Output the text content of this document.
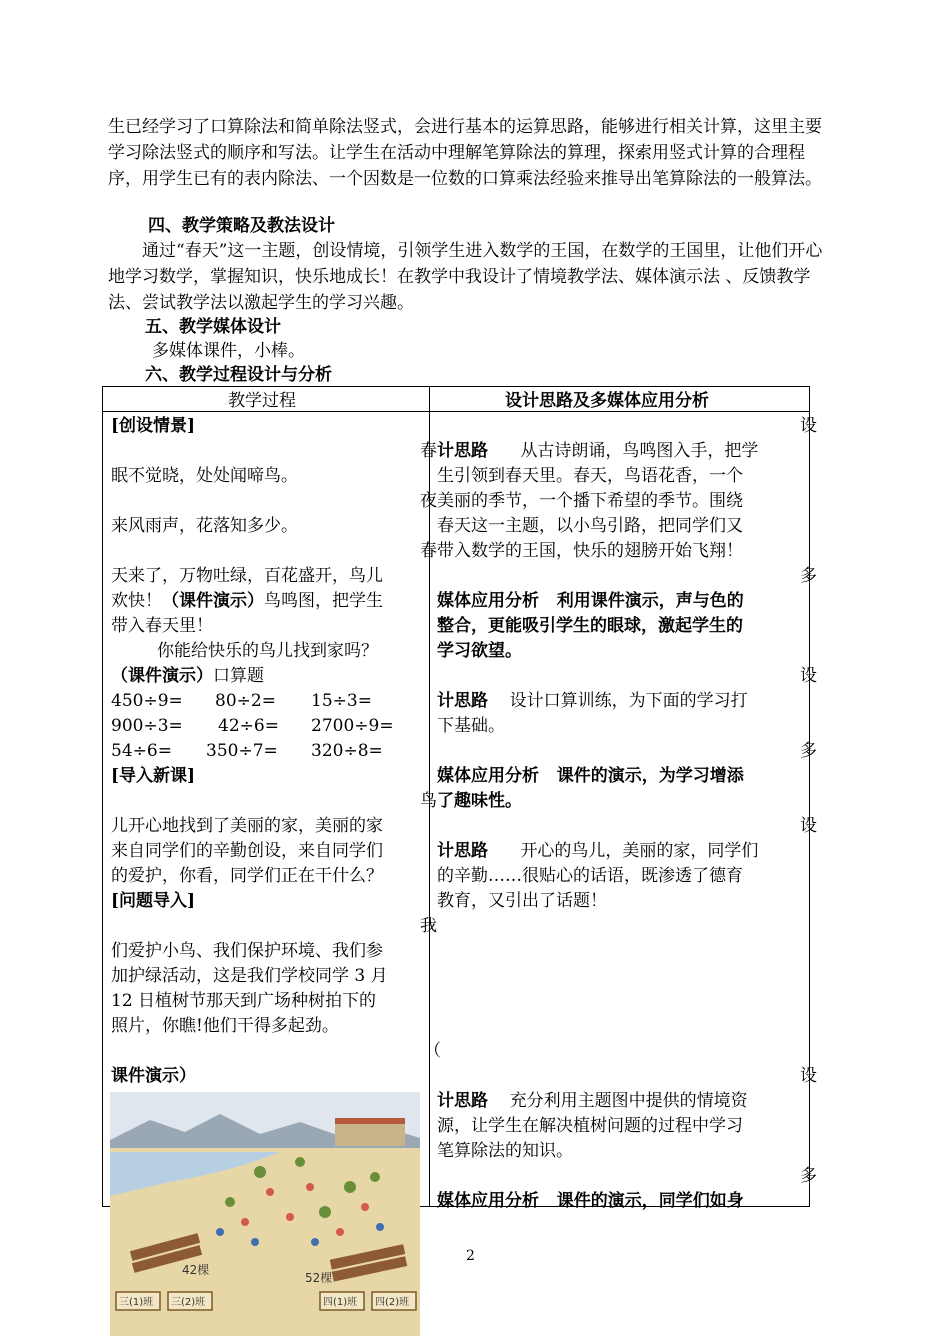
生已经学习了口算除法和简单除法竖式，会进行基本的运算思路，能够进行相关计算，这里主要学习除法竖式的顺序和写法。让学生在活动中理解笔算除法的算理，探索用竖式计算的合理程序，用学生已有的表内除法、一个因数是一位数的口算乘法经验来推导出笔算除法的一般算法。

四、教学策略及教法设计

通过“春天”这一主题，创设情境，引领学生进入数学的王国，在数学的王国里，让他们开心地学习数学，掌握知识，快乐地成长！在教学中我设计了情境教学法、媒体演示法 、反馈教学法、尝试教学法以激起学生的学习兴趣。

五、教学媒体设计

多媒体课件，小棒。

六、教学过程设计与分析

教学过程	设计思路及多媒体应用分析
[创设情景]
眠不觉晓，处处闻啼鸟。
来风雨声，花落知多少。
天来了，万物吐绿，百花盛开，鸟儿
欢快！（课件演示）鸟鸣图，把学生
带入春天里！
你能给快乐的鸟儿找到家吗？
（课件演示）口算题
450÷9= 80÷2= 15÷3=
900÷3= 42÷6= 2700÷9=
54÷6= 350÷7= 320÷8=
[导入新课]
儿开心地找到了美丽的家，美丽的家
来自同学们的辛勤创设，来自同学们
的爱护，你看，同学们正在干什么？
[问题导入]
们爱护小鸟、我们保护环境、我们参
加护绿活动，这是我们学校同学 3 月
12 日植树节那天到广场种树拍下的
照片，你瞧!他们干得多起劲。
课件演示）
春
夜
春
鸟
我
（
设
计思路 从古诗朗诵，鸟鸣图入手，把学
生引领到春天里。春天，鸟语花香，一个
美丽的季节，一个播下希望的季节。围绕
春天这一主题，以小鸟引路，把同学们又
带入数学的王国，快乐的翅膀开始飞翔！
多
媒体应用分析 利用课件演示，声与色的
整合，更能吸引学生的眼球，激起学生的
学习欲望。
设
计思路 设计口算训练，为下面的学习打
下基础。
多
媒体应用分析 课件的演示，为学习增添
了趣味性。
设
计思路 开心的鸟儿，美丽的家，同学们
的辛勤……很贴心的话语，既渗透了德育
教育，又引出了话题！
设
计思路 充分利用主题图中提供的情境资
源，让学生在解决植树问题的过程中学习
笔算除法的知识。
多
媒体应用分析 课件的演示，同学们如身
42棵
52棵
三(1)班 三(2)班	四(1)班 四(2)班
2
